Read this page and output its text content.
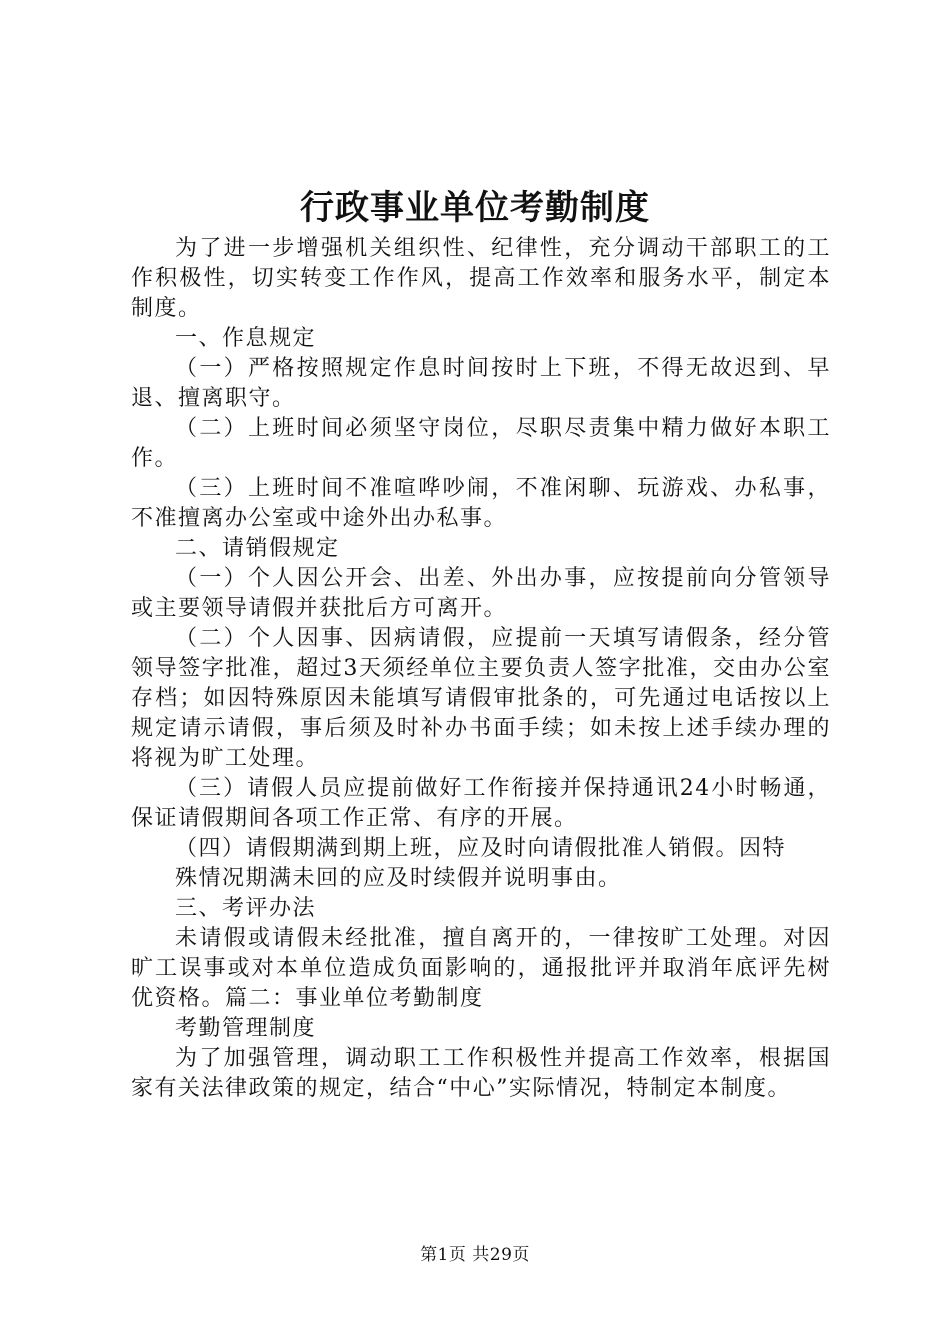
行政事业单位考勤制度

为了进一步增强机关组织性、纪律性，充分调动干部职工的工作积极性，切实转变工作作风，提高工作效率和服务水平，制定本制度。

一、作息规定

（一）严格按照规定作息时间按时上下班，不得无故迟到、早退、擅离职守。

（二）上班时间必须坚守岗位，尽职尽责集中精力做好本职工作。

（三）上班时间不准喧哗吵闹，不准闲聊、玩游戏、办私事，不准擅离办公室或中途外出办私事。

二、请销假规定

（一）个人因公开会、出差、外出办事，应按提前向分管领导或主要领导请假并获批后方可离开。

（二）个人因事、因病请假，应提前一天填写请假条，经分管领导签字批准，超过3天须经单位主要负责人签字批准，交由办公室存档；如因特殊原因未能填写请假审批条的，可先通过电话按以上规定请示请假，事后须及时补办书面手续；如未按上述手续办理的将视为旷工处理。

（三）请假人员应提前做好工作衔接并保持通讯24小时畅通，保证请假期间各项工作正常、有序的开展。

（四）请假期满到期上班，应及时向请假批准人销假。因特

殊情况期满未回的应及时续假并说明事由。

三、考评办法

未请假或请假未经批准，擅自离开的，一律按旷工处理。对因旷工误事或对本单位造成负面影响的，通报批评并取消年底评先树优资格。篇二：事业单位考勤制度

考勤管理制度

为了加强管理，调动职工工作积极性并提高工作效率，根据国家有关法律政策的规定，结合“中心”实际情况，特制定本制度。

第1页 共29页
